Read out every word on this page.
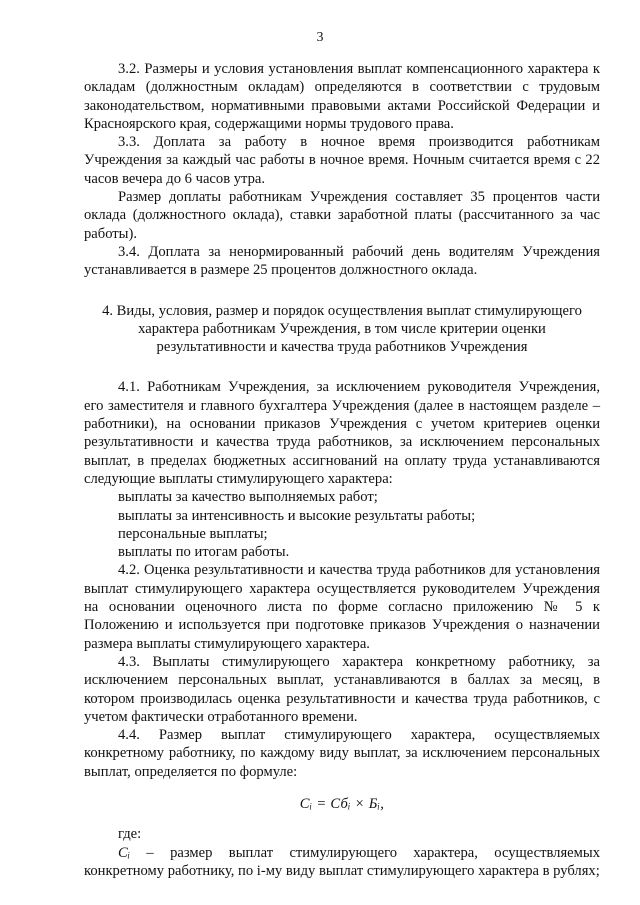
3

3.2. Размеры и условия установления выплат компенсационного характера к окладам (должностным окладам) определяются в соответствии с трудовым законодательством, нормативными правовыми актами Российской Федерации и Красноярского края, содержащими нормы трудового права.

3.3. Доплата за работу в ночное время производится работникам Учреждения за каждый час работы в ночное время. Ночным считается время с 22 часов вечера до 6 часов утра.

Размер доплаты работникам Учреждения составляет 35 процентов части оклада (должностного оклада), ставки заработной платы (рассчитанного за час работы).

3.4. Доплата за ненормированный рабочий день водителям Учреждения устанавливается в размере 25 процентов должностного оклада.

4. Виды, условия, размер и порядок осуществления выплат стимулирующего характера работникам Учреждения, в том числе критерии оценки результативности и качества труда работников Учреждения

4.1. Работникам Учреждения, за исключением руководителя Учреждения, его заместителя и главного бухгалтера Учреждения (далее в настоящем разделе – работники), на основании приказов Учреждения с учетом критериев оценки результативности и качества труда работников, за исключением персональных выплат, в пределах бюджетных ассигнований на оплату труда устанавливаются следующие выплаты стимулирующего характера:

выплаты за качество выполняемых работ;

выплаты за интенсивность и высокие результаты работы;

персональные выплаты;

выплаты по итогам работы.

4.2. Оценка результативности и качества труда работников для установления выплат стимулирующего характера осуществляется руководителем Учреждения на основании оценочного листа по форме согласно приложению № 5 к Положению и используется при подготовке приказов Учреждения о назначении размера выплаты стимулирующего характера.

4.3. Выплаты стимулирующего характера конкретному работнику, за исключением персональных выплат, устанавливаются в баллах за месяц, в котором производилась оценка результативности и качества труда работников, с учетом фактически отработанного времени.

4.4. Размер выплат стимулирующего характера, осуществляемых конкретному работнику, по каждому виду выплат, за исключением персональных выплат, определяется по формуле:

Cᵢ = Cбᵢ × Бᵢ,

где:

Cᵢ – размер выплат стимулирующего характера, осуществляемых конкретному работнику, по i-му виду выплат стимулирующего характера в рублях;
